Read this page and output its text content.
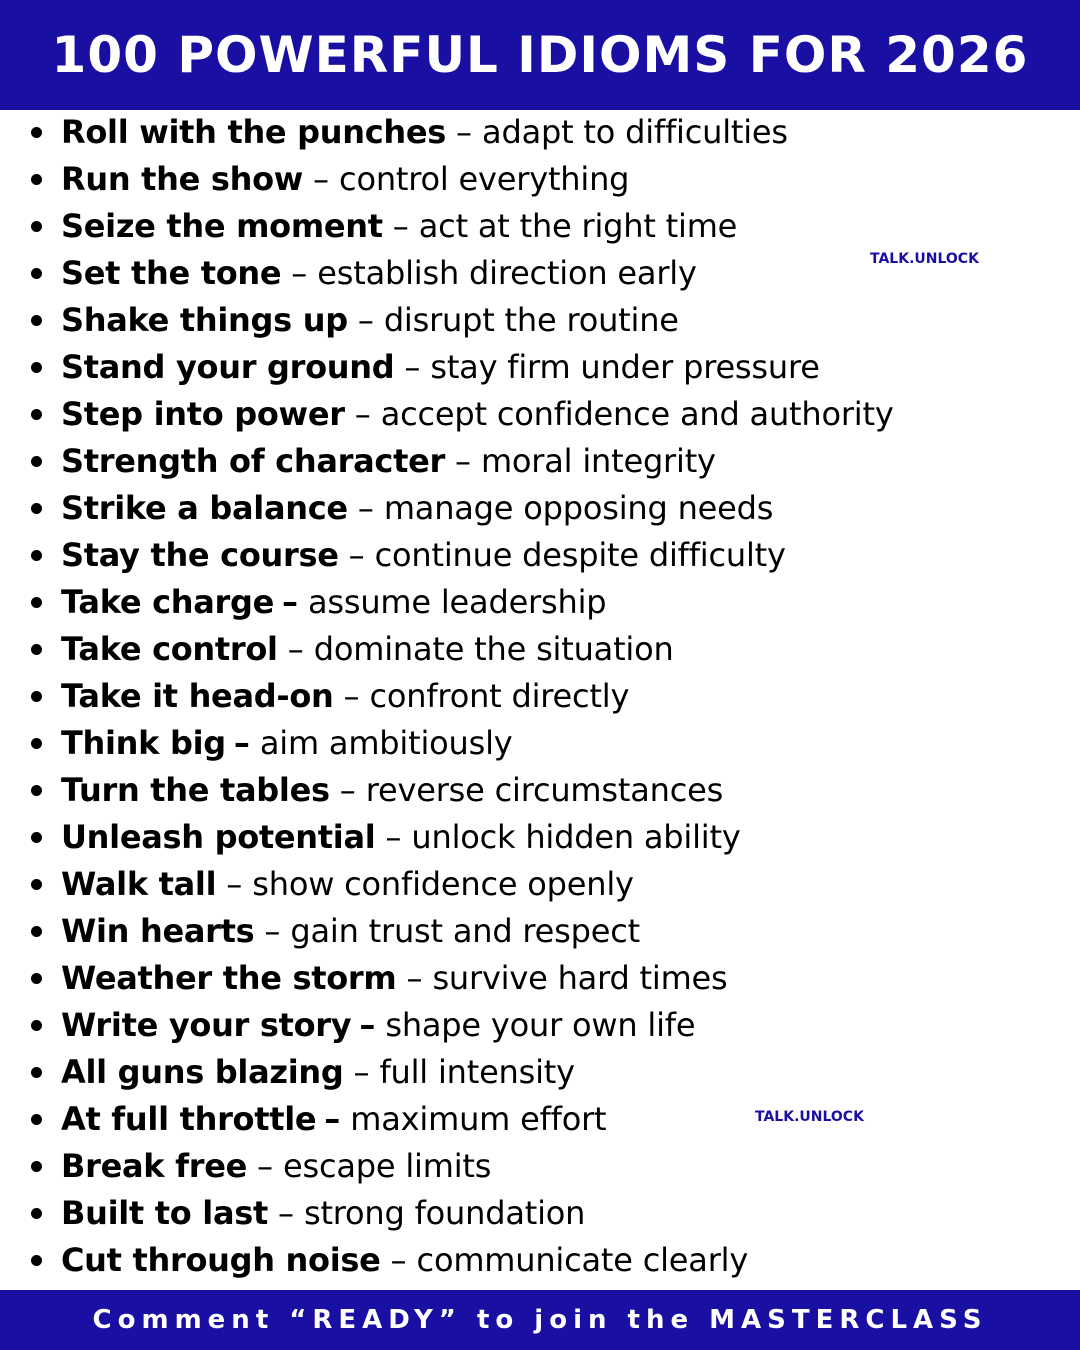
100 POWERFUL IDIOMS FOR 2026
Roll with the punches – adapt to difficulties
Run the show – control everything
Seize the moment – act at the right time
Set the tone – establish direction early
Shake things up – disrupt the routine
Stand your ground – stay firm under pressure
Step into power – accept confidence and authority
Strength of character – moral integrity
Strike a balance – manage opposing needs
Stay the course – continue despite difficulty
Take charge – assume leadership
Take control – dominate the situation
Take it head-on – confront directly
Think big – aim ambitiously
Turn the tables – reverse circumstances
Unleash potential – unlock hidden ability
Walk tall – show confidence openly
Win hearts – gain trust and respect
Weather the storm – survive hard times
Write your story – shape your own life
All guns blazing – full intensity
At full throttle – maximum effort
Break free – escape limits
Built to last – strong foundation
Cut through noise – communicate clearly
TALK.UNLOCK
TALK.UNLOCK
Comment “READY” to join the MASTERCLASS
